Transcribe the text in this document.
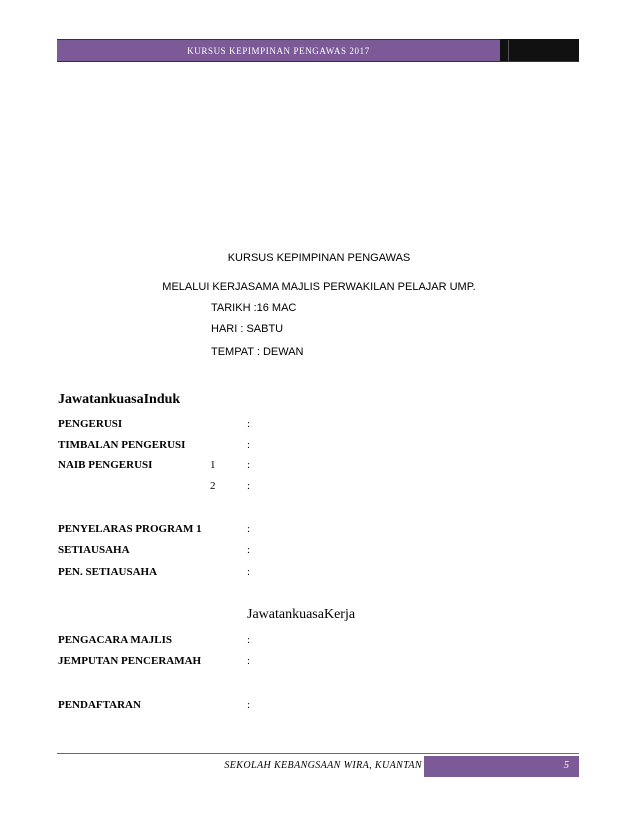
KURSUS KEPIMPINAN PENGAWAS 2017
KURSUS KEPIMPINAN PENGAWAS
MELALUI KERJASAMA MAJLIS PERWAKILAN PELAJAR UMP.
TARIKH :16 MAC
HARI : SABTU
TEMPAT : DEWAN
JawatankuasaInduk
PENGERUSI	:
TIMBALAN PENGERUSI	:
NAIB PENGERUSI	1	:
2	:
PENYELARAS PROGRAM 1	:
SETIAUSAHA	:
PEN. SETIAUSAHA	:
JawatankuasaKerja
PENGACARA MAJLIS	:
JEMPUTAN PENCERAMAH	:
PENDAFTARAN	:
SEKOLAH KEBANGSAAN WIRA, KUANTAN	5
